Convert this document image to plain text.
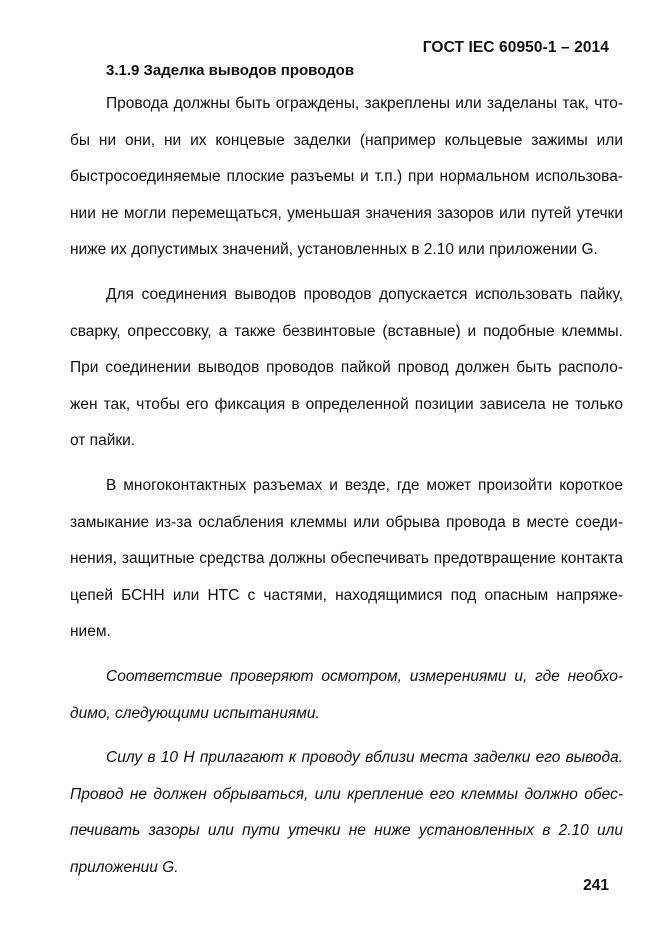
ГОСТ IEC 60950-1 – 2014
3.1.9 Заделка выводов проводов

Провода должны быть ограждены, закреплены или заделаны так, чтобы ни они, ни их концевые заделки (например кольцевые зажимы или быстросоединяемые плоские разъемы и т.п.) при нормальном использовании не могли перемещаться, уменьшая значения зазоров или путей утечки ниже их допустимых значений, установленных в 2.10 или приложении G.

Для соединения выводов проводов допускается использовать пайку, сварку, опрессовку, а также безвинтовые (вставные) и подобные клеммы. При соединении выводов проводов пайкой провод должен быть расположен так, чтобы его фиксация в определенной позиции зависела не только от пайки.

В многоконтактных разъемах и везде, где может произойти короткое замыкание из-за ослабления клеммы или обрыва провода в месте соединения, защитные средства должны обеспечивать предотвращение контакта цепей БСНН или НТС с частями, находящимися под опасным напряжением.

Соответствие проверяют осмотром, измерениями и, где необходимо, следующими испытаниями.

Силу в 10 Н прилагают к проводу вблизи места заделки его вывода. Провод не должен обрываться, или крепление его клеммы должно обеспечивать зазоры или пути утечки не ниже установленных в 2.10 или приложении G.

241
